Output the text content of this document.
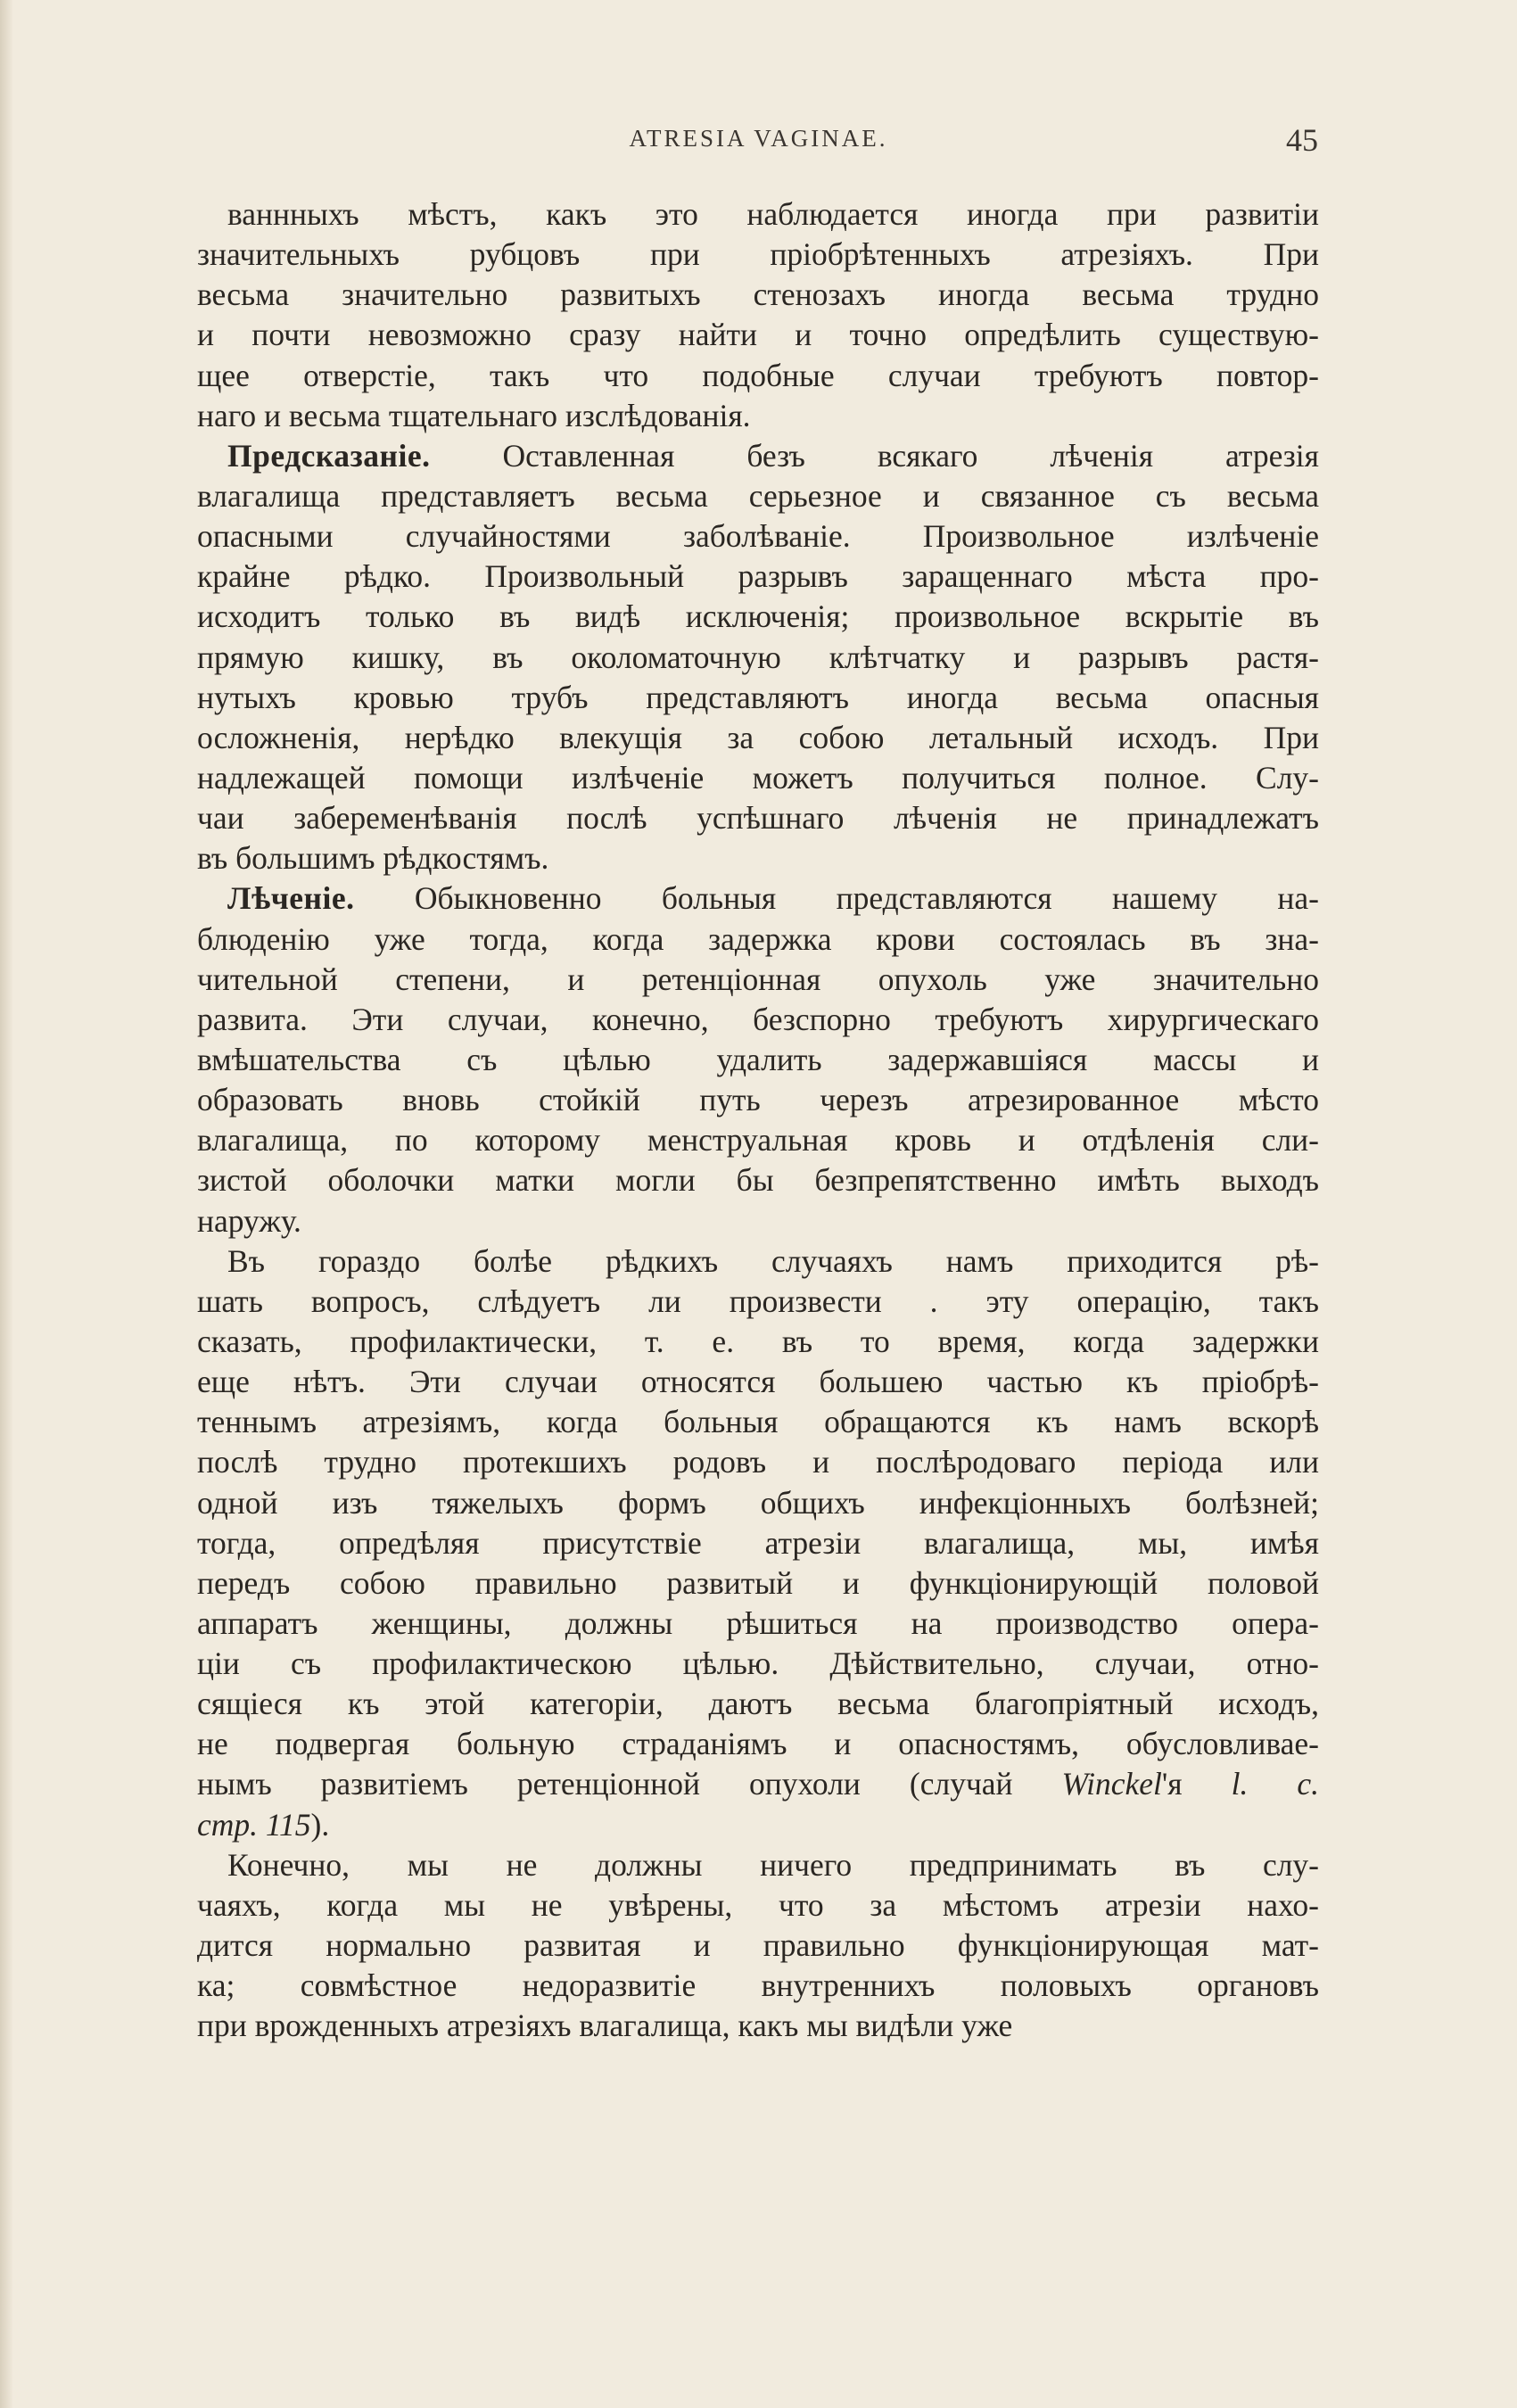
ATRESIA VAGINAE.	45
ваннныхъ мѣстъ, какъ это наблюдается иногда при развитіи
значительныхъ рубцовъ при пріобрѣтенныхъ атрезіяхъ. При
весьма значительно развитыхъ стенозахъ иногда весьма трудно
и почти невозможно сразу найти и точно опредѣлить существую-
щее отверстіе, такъ что подобные случаи требуютъ повтор-
наго и весьма тщательнаго изслѣдованія.
Предсказаніе. Оставленная безъ всякаго лѣченія атрезія
влагалища представляетъ весьма серьезное и связанное съ весьма
опасными случайностями заболѣваніе. Произвольное излѣченіе
крайне рѣдко. Произвольный разрывъ заращеннаго мѣста про-
исходитъ только въ видѣ исключенія; произвольное вскрытіе въ
прямую кишку, въ околоматочную клѣтчатку и разрывъ растя-
нутыхъ кровью трубъ представляютъ иногда весьма опасныя
осложненія, нерѣдко влекущія за собою летальный исходъ. При
надлежащей помощи излѣченіе можетъ получиться полное. Слу-
чаи забеременѣванія послѣ успѣшнаго лѣченія не принадлежатъ
въ большимъ рѣдкостямъ.
Лѣченіе. Обыкновенно больныя представляются нашему на-
блюденію уже тогда, когда задержка крови состоялась въ зна-
чительной степени, и ретенціонная опухоль уже значительно
развита. Эти случаи, конечно, безспорно требуютъ хирургическаго
вмѣшательства съ цѣлью удалить задержавшіяся массы и
образовать вновь стойкій путь черезъ атрезированное мѣсто
влагалища, по которому менструальная кровь и отдѣленія сли-
зистой оболочки матки могли бы безпрепятственно имѣть выходъ
наружу.
Въ гораздо болѣе рѣдкихъ случаяхъ намъ приходится рѣ-
шать вопросъ, слѣдуетъ ли произвести . эту операцію, такъ
сказать, профилактически, т. е. въ то время, когда задержки
еще нѣтъ. Эти случаи относятся большею частью къ пріобрѣ-
теннымъ атрезіямъ, когда больныя обращаются къ намъ вскорѣ
послѣ трудно протекшихъ родовъ и послѣродоваго періода или
одной изъ тяжелыхъ формъ общихъ инфекціонныхъ болѣзней;
тогда, опредѣляя присутствіе атрезіи влагалища, мы, имѣя
передъ собою правильно развитый и функціонирующій половой
аппаратъ женщины, должны рѣшиться на производство опера-
ціи съ профилактическою цѣлью. Дѣйствительно, случаи, отно-
сящіеся къ этой категоріи, даютъ весьма благопріятный исходъ,
не подвергая больную страданіямъ и опасностямъ, обусловливае-
нымъ развитіемъ ретенціонной опухоли (случай Winckel'я l. c.
стр. 115).
Конечно, мы не должны ничего предпринимать въ слу-
чаяхъ, когда мы не увѣрены, что за мѣстомъ атрезіи нахо-
дится нормально развитая и правильно функціонирующая мат-
ка; совмѣстное недоразвитіе внутреннихъ половыхъ органовъ
при врожденныхъ атрезіяхъ влагалища, какъ мы видѣли уже
